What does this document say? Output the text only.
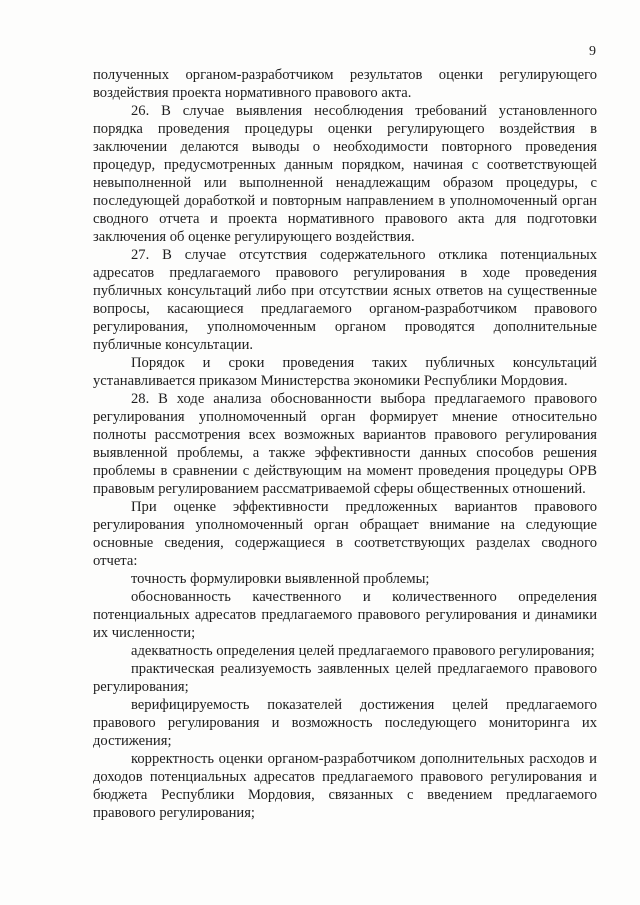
9

полученных органом-разработчиком результатов оценки регулирующего воздействия проекта нормативного правового акта.

26. В случае выявления несоблюдения требований установленного порядка проведения процедуры оценки регулирующего воздействия в заключении делаются выводы о необходимости повторного проведения процедур, предусмотренных данным порядком, начиная с соответствующей невыполненной или выполненной ненадлежащим образом процедуры, с последующей доработкой и повторным направлением в уполномоченный орган сводного отчета и проекта нормативного правового акта для подготовки заключения об оценке регулирующего воздействия.

27. В случае отсутствия содержательного отклика потенциальных адресатов предлагаемого правового регулирования в ходе проведения публичных консультаций либо при отсутствии ясных ответов на существенные вопросы, касающиеся предлагаемого органом-разработчиком правового регулирования, уполномоченным органом проводятся дополнительные публичные консультации.

Порядок и сроки проведения таких публичных консультаций устанавливается приказом Министерства экономики Республики Мордовия.

28. В ходе анализа обоснованности выбора предлагаемого правового регулирования уполномоченный орган формирует мнение относительно полноты рассмотрения всех возможных вариантов правового регулирования выявленной проблемы, а также эффективности данных способов решения проблемы в сравнении с действующим на момент проведения процедуры ОРВ правовым регулированием рассматриваемой сферы общественных отношений.

При оценке эффективности предложенных вариантов правового регулирования уполномоченный орган обращает внимание на следующие основные сведения, содержащиеся в соответствующих разделах сводного отчета:

точность формулировки выявленной проблемы;

обоснованность качественного и количественного определения потенциальных адресатов предлагаемого правового регулирования и динамики их численности;

адекватность определения целей предлагаемого правового регулирования;

практическая реализуемость заявленных целей предлагаемого правового регулирования;

верифицируемость показателей достижения целей предлагаемого правового регулирования и возможность последующего мониторинга их достижения;

корректность оценки органом-разработчиком дополнительных расходов и доходов потенциальных адресатов предлагаемого правового регулирования и бюджета Республики Мордовия, связанных с введением предлагаемого правового регулирования;
